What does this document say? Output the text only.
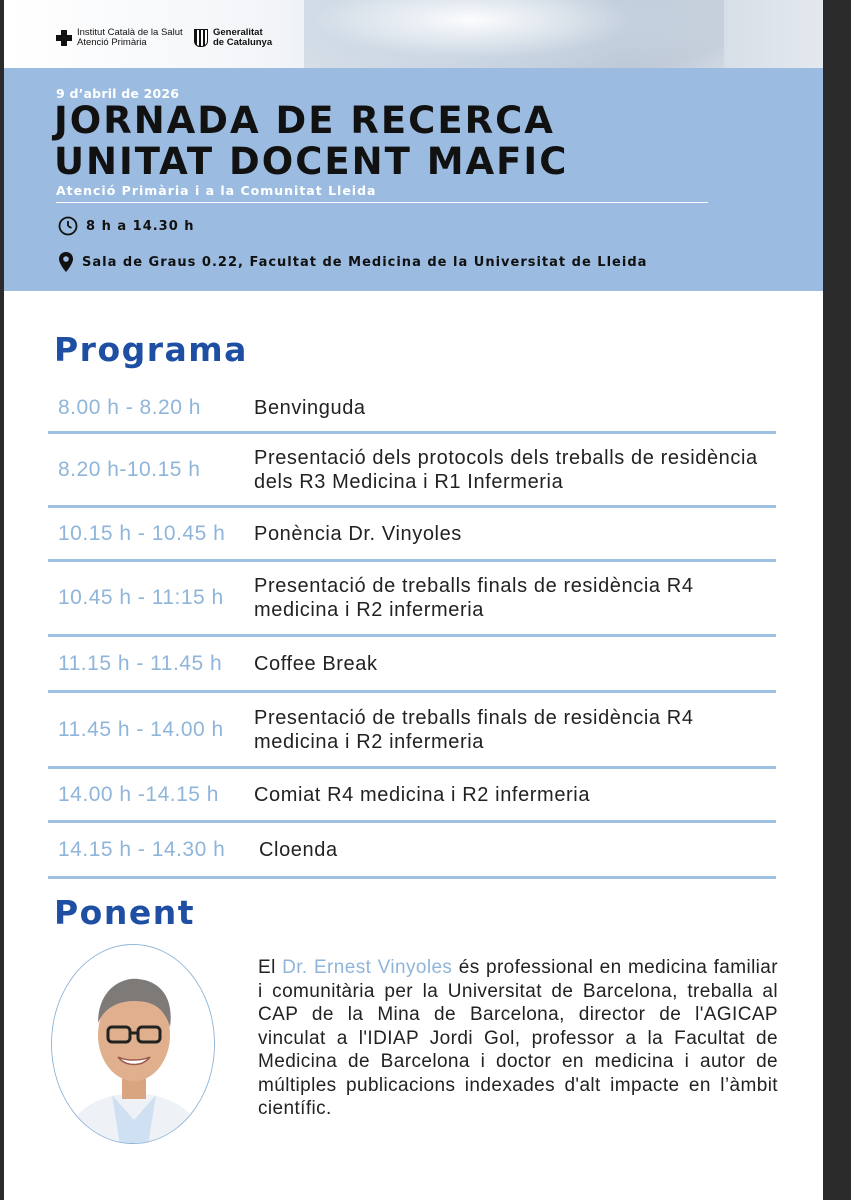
Institut Català de la Salut
Atenció Primària
Generalitat
de Catalunya
9 d’abril de 2026
JORNADA DE RECERCA
UNITAT DOCENT MAFIC
Atenció Primària i a la Comunitat Lleida
8 h a 14.30 h
Sala de Graus 0.22, Facultat de Medicina de la Universitat de Lleida
Programa
8.00 h - 8.20 h	Benvinguda
8.20 h-10.15 h	Presentació dels protocols dels treballs de residència dels R3 Medicina i R1 Infermeria
10.15 h - 10.45 h	Ponència Dr. Vinyoles
10.45 h - 11:15 h	Presentació de treballs finals de residència R4 medicina i R2 infermeria
11.15 h - 11.45 h	Coffee Break
11.45 h - 14.00 h	Presentació de treballs finals de residència R4 medicina i R2 infermeria
14.00 h -14.15 h	Comiat R4 medicina i R2 infermeria
14.15 h - 14.30 h	Cloenda
Ponent
El Dr. Ernest Vinyoles és professional en medicina familiar i comunitària per la Universitat de Barcelona, treballa al CAP de la Mina de Barcelona, director de l'AGICAP vinculat a l'IDIAP Jordi Gol, professor a la Facultat de Medicina de Barcelona i doctor en medicina i autor de múltiples publicacions indexades d'alt impacte en l’àmbit científic.
